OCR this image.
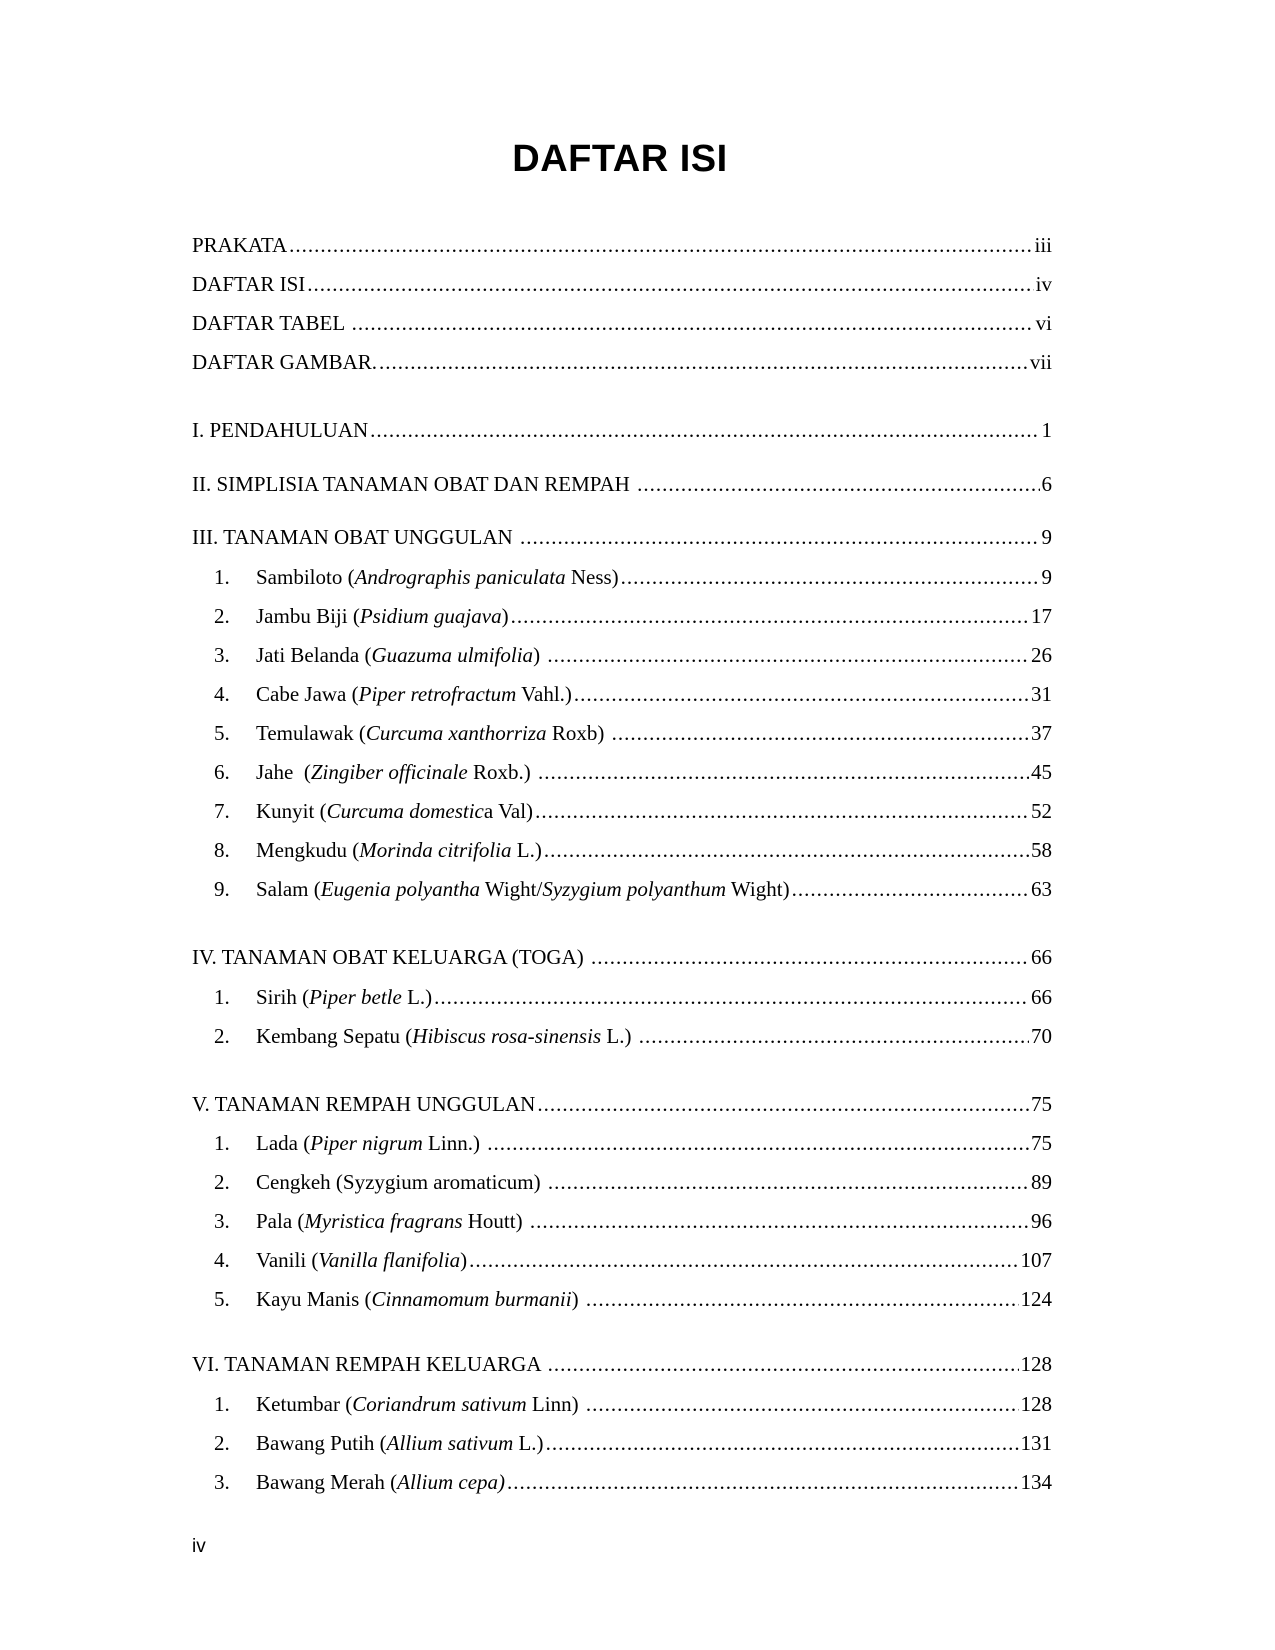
DAFTAR ISI
PRAKATA .....	iii
DAFTAR ISI .....	iv
DAFTAR TABEL .....	vi
DAFTAR GAMBAR. .....	vii
I. PENDAHULUAN .....	1
II. SIMPLISIA TANAMAN OBAT DAN REMPAH .....	6
III. TANAMAN OBAT UNGGULAN .....	9
1. Sambiloto (Andrographis paniculata Ness) .....	9
2. Jambu Biji (Psidium guajava) .....	17
3. Jati Belanda (Guazuma ulmifolia) .....	26
4. Cabe Jawa (Piper retrofractum Vahl.) .....	31
5. Temulawak (Curcuma xanthorriza Roxb) .....	37
6. Jahe  (Zingiber officinale Roxb.) .....	45
7. Kunyit (Curcuma domestica Val) .....	52
8. Mengkudu (Morinda citrifolia L.) .....	58
9. Salam (Eugenia polyantha Wight/Syzygium polyanthum Wight) .....	63
IV. TANAMAN OBAT KELUARGA (TOGA) .....	66
1. Sirih (Piper betle L.) .....	66
2. Kembang Sepatu (Hibiscus rosa-sinensis L.) .....	70
V. TANAMAN REMPAH UNGGULAN .....	75
1. Lada (Piper nigrum Linn.) .....	75
2. Cengkeh (Syzygium aromaticum) .....	89
3. Pala (Myristica fragrans Houtt) .....	96
4. Vanili (Vanilla flanifolia) .....	107
5. Kayu Manis (Cinnamomum burmanii) .....	124
VI. TANAMAN REMPAH KELUARGA .....	128
1. Ketumbar (Coriandrum sativum Linn) .....	128
2. Bawang Putih (Allium sativum L.) .....	131
3. Bawang Merah (Allium cepa) .....	134
iv
